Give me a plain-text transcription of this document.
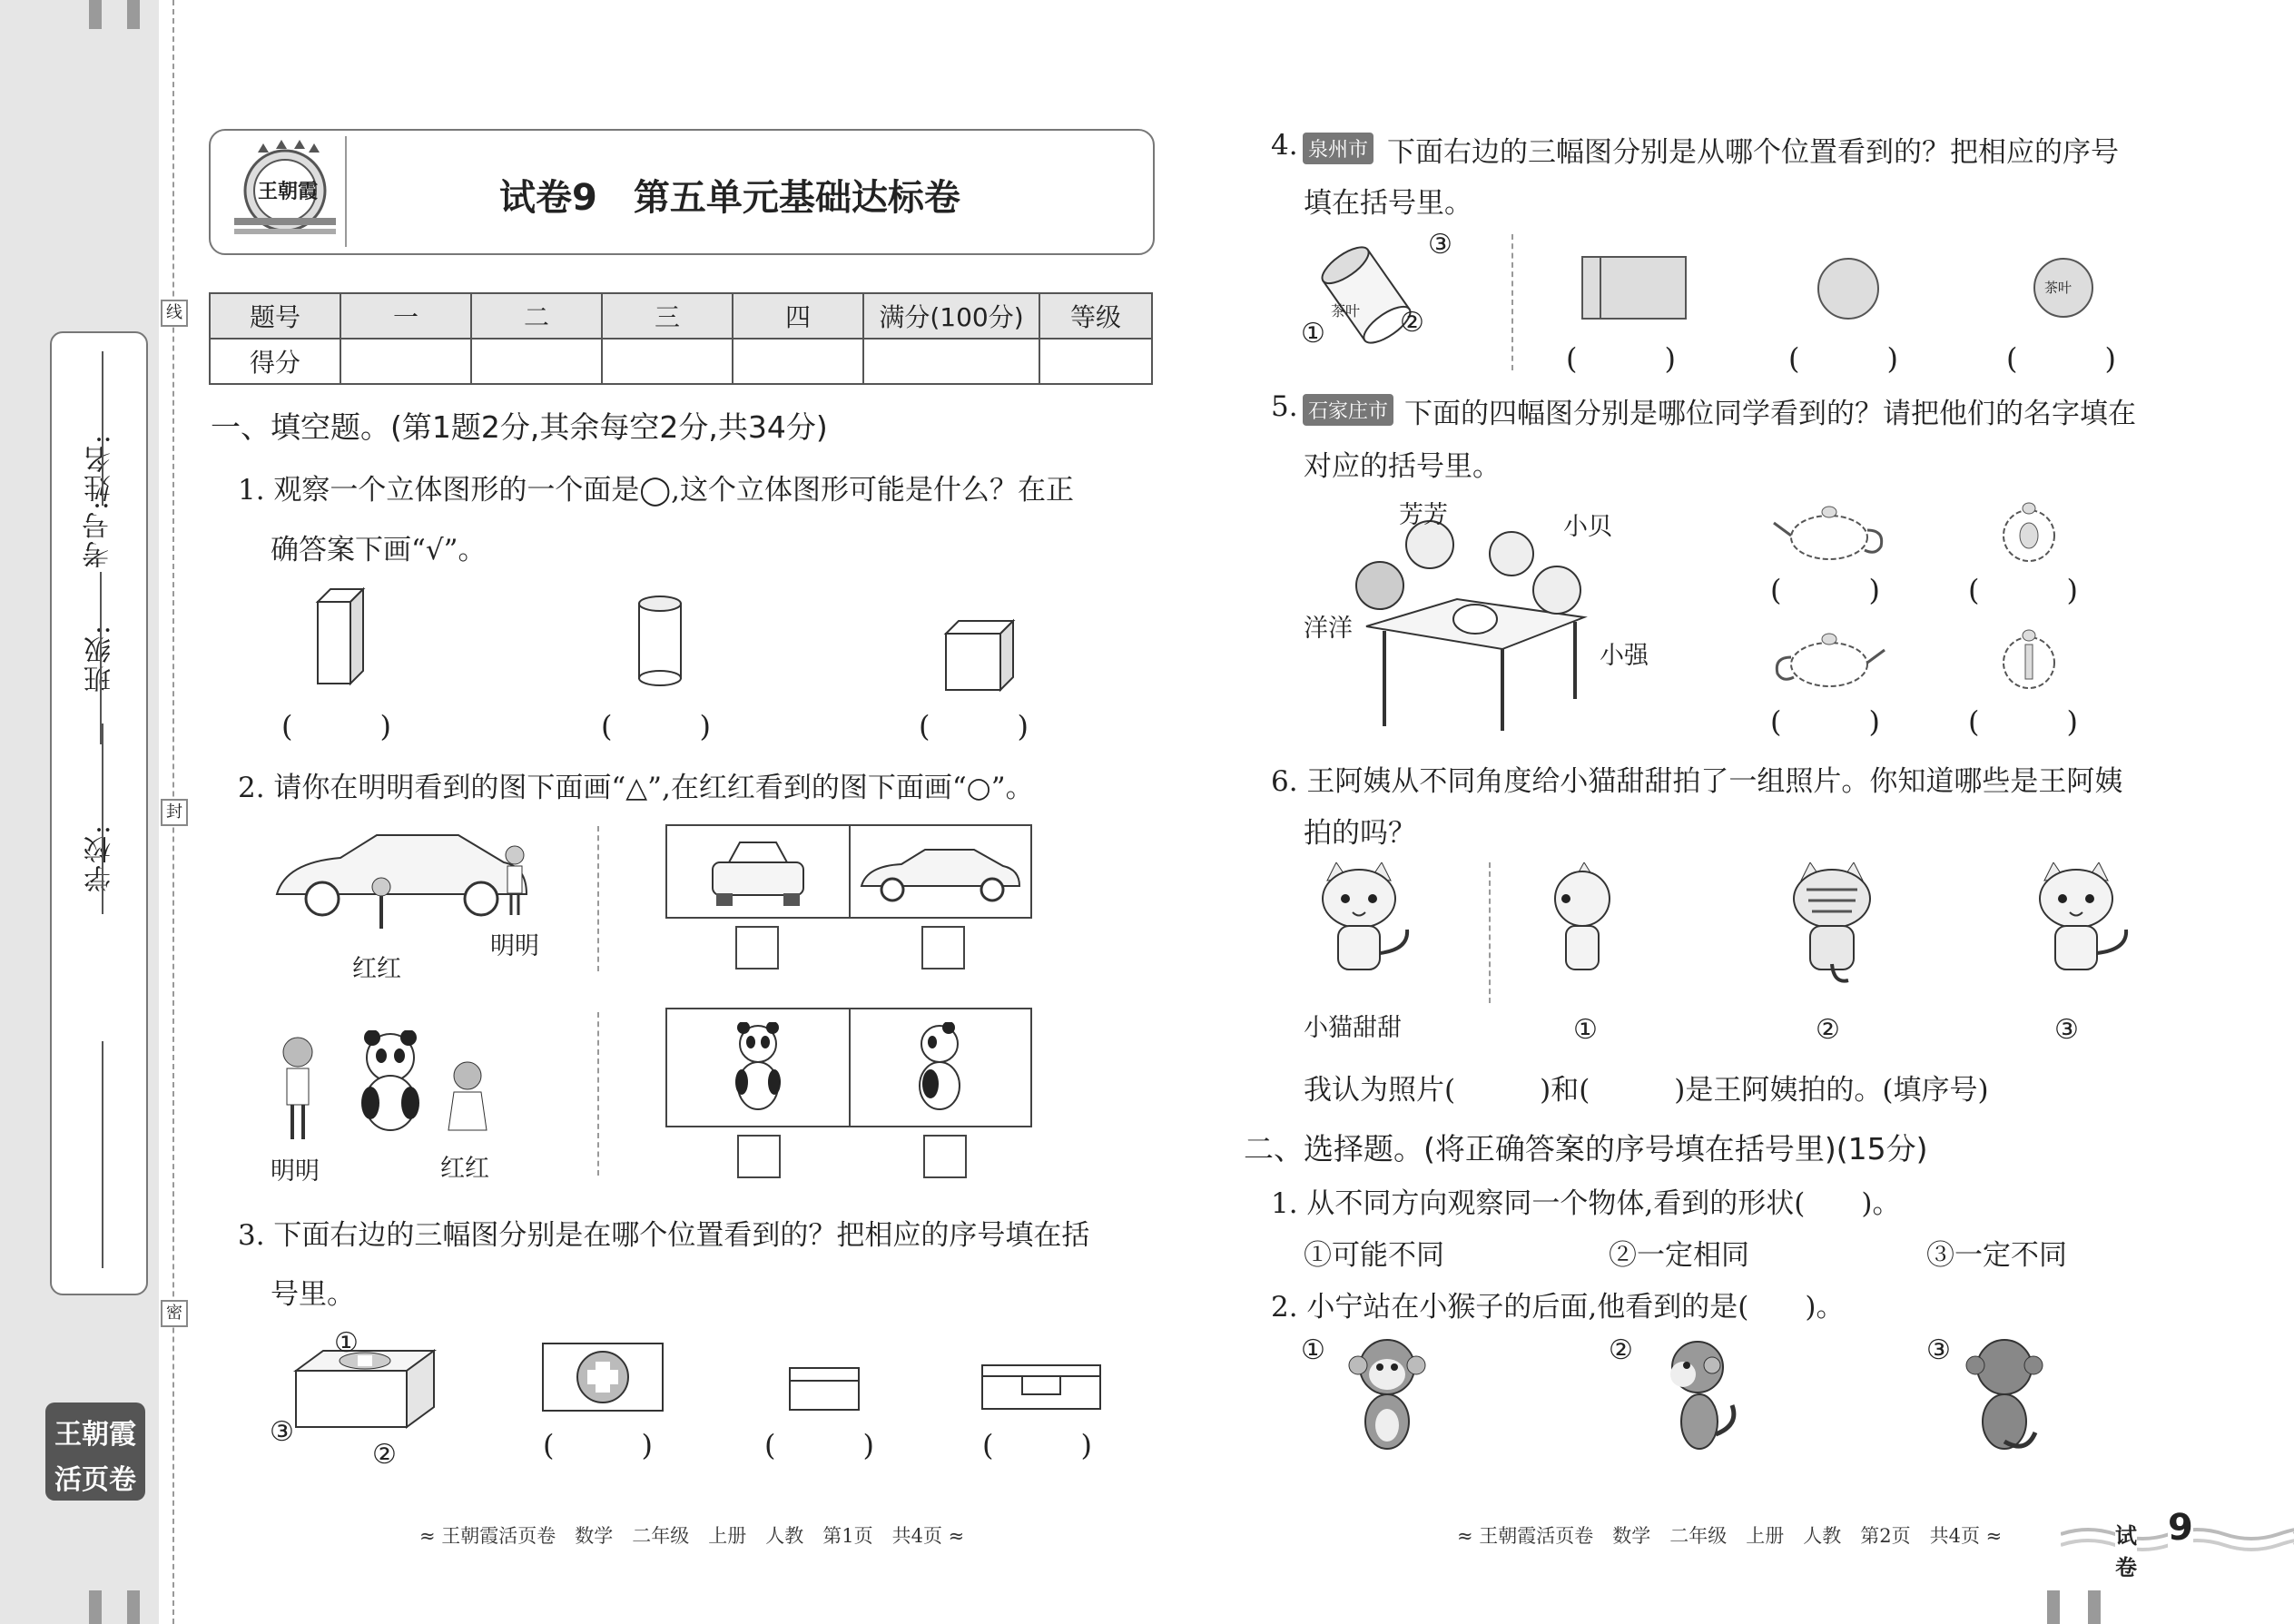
学校:
班级:
姓名:
考号:
线
封
密
王朝霞
活页卷
王朝霞	试卷9　第五单元基础达标卷
题号	一	二	三	四	满分(100分)	等级
得分						
一、填空题。(第1题2分,其余每空2分,共34分)
1. 观察一个立体图形的一个面是◯,这个立体图形可能是什么？在正
确答案下画“√”。
(　　　)	(　　　)	(　　　)
2. 请你在明明看到的图下面画“△”,在红红看到的图下面画“○”。
红红
明明
明明	红红
3. 下面右边的三幅图分别是在哪个位置看到的？把相应的序号填在括
号里。
①
③
②	(　　　)	(　　　)	(　　　)
≈ 王朝霞活页卷　数学　二年级　上册　人教　第1页　共4页 ≈
4. 泉州市 下面右边的三幅图分别是从哪个位置看到的？把相应的序号
填在括号里。
茶叶
③
①	②
茶叶
(　　　)	(　　　)	(　　　)
5. 石家庄市 下面的四幅图分别是哪位同学看到的？请把他们的名字填在
对应的括号里。
芳芳	小贝
洋洋
小强
(　　　)	(　　　)
(　　　)	(　　　)
6. 王阿姨从不同角度给小猫甜甜拍了一组照片。你知道哪些是王阿姨
拍的吗？
小猫甜甜	①	②	③
我认为照片(　　　)和(　　　)是王阿姨拍的。(填序号)
二、选择题。(将正确答案的序号填在括号里)(15分)
1. 从不同方向观察同一个物体,看到的形状(　　)。
①可能不同	②一定相同	③一定不同
2. 小宁站在小猴子的后面,他看到的是(　　)。
①	②	③
≈ 王朝霞活页卷　数学　二年级　上册　人教　第2页　共4页 ≈	试卷
9
